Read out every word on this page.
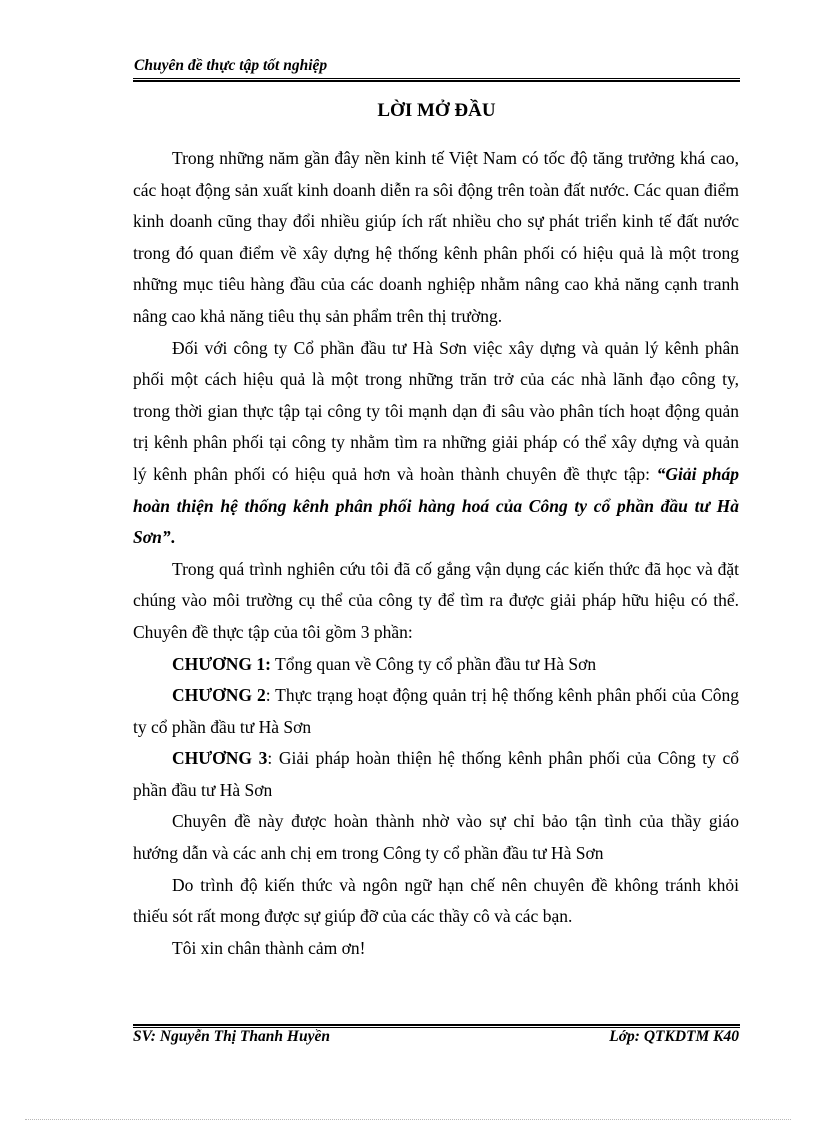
Chuyên đề thực tập tốt nghiệp
LỜI MỞ ĐẦU

Trong những năm gần đây nền kinh tế Việt Nam có tốc độ tăng trưởng khá cao, các hoạt động sản xuất kinh doanh diễn ra sôi động trên toàn đất nước. Các quan điểm kinh doanh cũng thay đổi nhiều giúp ích rất nhiều cho sự phát triển kinh tế đất nước trong đó quan điểm về xây dựng hệ thống kênh phân phối có hiệu quả là một trong những mục tiêu hàng đầu của các doanh nghiệp nhằm nâng cao khả năng cạnh tranh nâng cao khả năng tiêu thụ sản phẩm trên thị trường.

Đối với công ty Cổ phần đầu tư Hà Sơn việc xây dựng và quản lý kênh phân phối một cách hiệu quả là một trong những trăn trở của các nhà lãnh đạo công ty, trong thời gian thực tập tại công ty tôi mạnh dạn đi sâu vào phân tích hoạt động quản trị kênh phân phối tại công ty nhằm tìm ra những giải pháp có thể xây dựng và quản lý kênh phân phối có hiệu quả hơn và hoàn thành chuyên đề thực tập: “Giải pháp hoàn thiện hệ thống kênh phân phối hàng hoá của Công ty cổ phần đầu tư Hà Sơn”.

Trong quá trình nghiên cứu tôi đã cố gắng vận dụng các kiến thức đã học và đặt chúng vào môi trường cụ thể của công ty để tìm ra được giải pháp hữu hiệu có thể. Chuyên đề thực tập của tôi gồm 3 phần:

CHƯƠNG 1: Tổng quan về Công ty cổ phần đầu tư Hà Sơn

CHƯƠNG 2: Thực trạng hoạt động quản trị hệ thống kênh phân phối của Công ty cổ phần đầu tư Hà Sơn

CHƯƠNG 3: Giải pháp hoàn thiện hệ thống kênh phân phối của Công ty cổ phần đầu tư Hà Sơn

Chuyên đề này được hoàn thành nhờ vào sự chỉ bảo tận tình của thầy giáo hướng dẫn và các anh chị em trong Công ty cổ phần đầu tư Hà Sơn

Do trình độ kiến thức và ngôn ngữ hạn chế nên chuyên đề không tránh khỏi thiếu sót rất mong được sự giúp đỡ của các thầy cô và các bạn.

Tôi xin chân thành cảm ơn!

SV: Nguyễn Thị Thanh Huyền	Lớp: QTKDTM K40
